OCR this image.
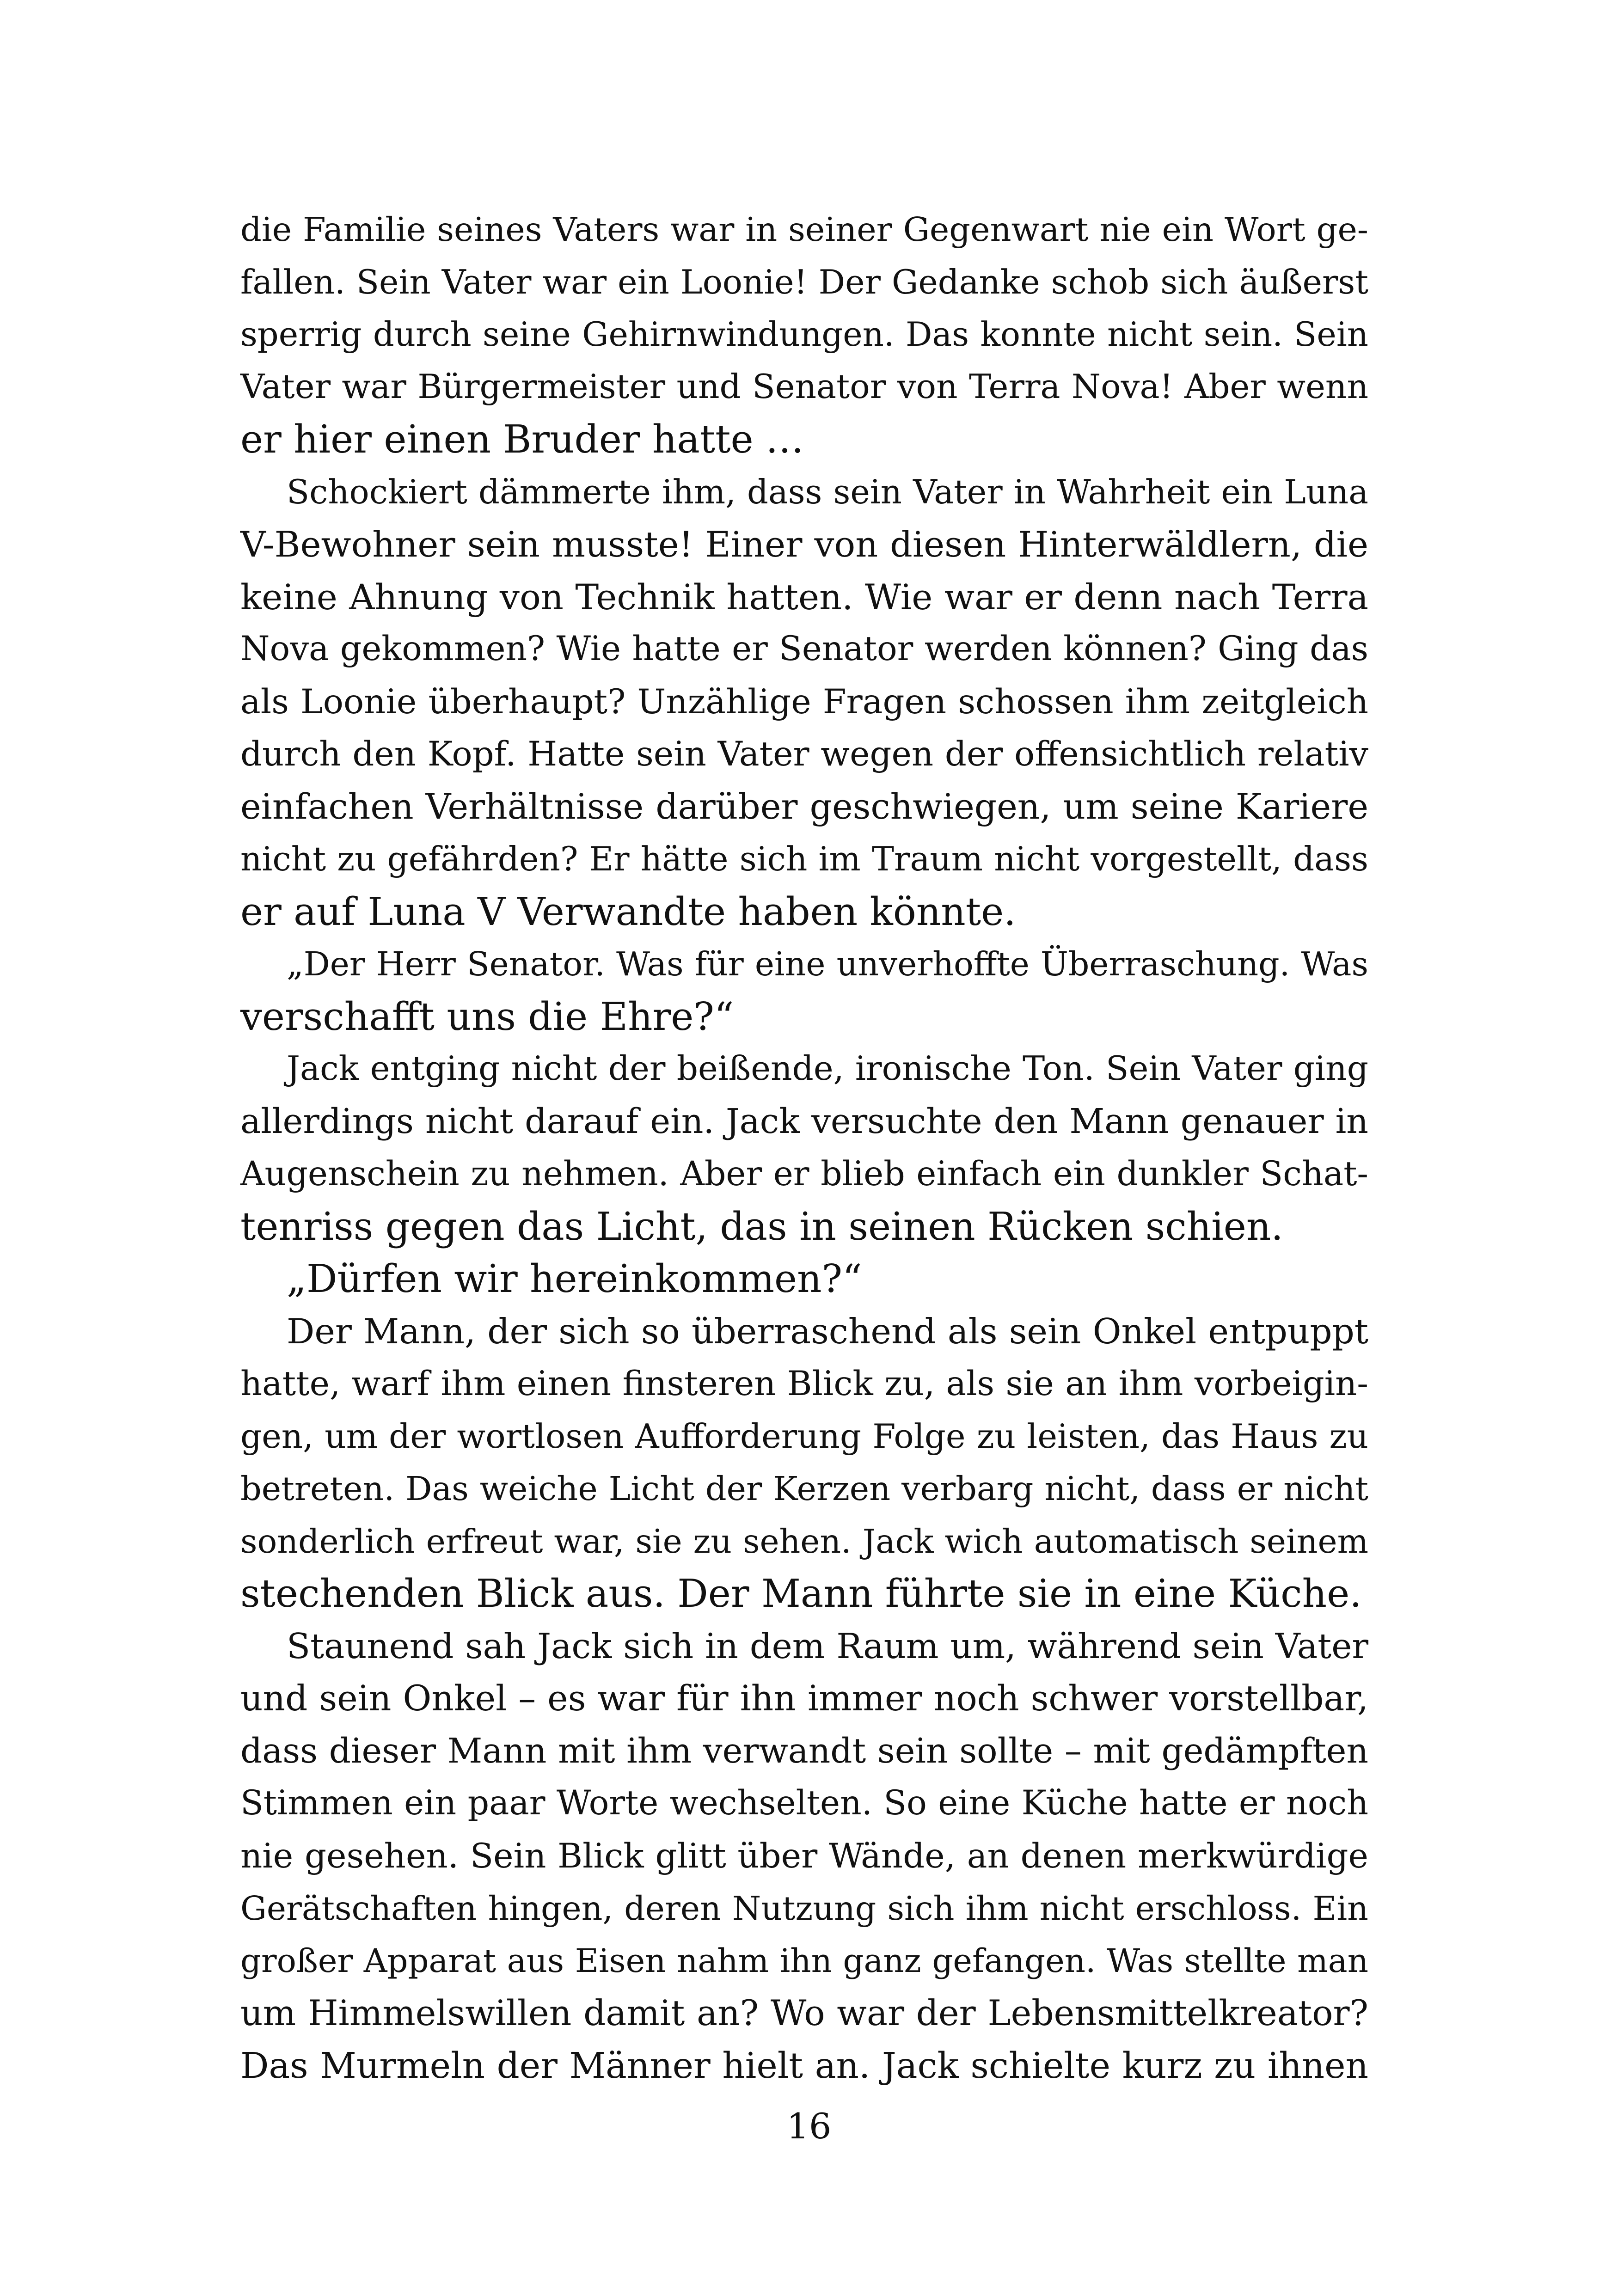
die Familie seines Vaters war in seiner Gegenwart nie ein Wort ge-
fallen. Sein Vater war ein Loonie! Der Gedanke schob sich äußerst
sperrig durch seine Gehirnwindungen. Das konnte nicht sein. Sein
Vater war Bürgermeister und Senator von Terra Nova! Aber wenn
er hier einen Bruder hatte …
Schockiert dämmerte ihm, dass sein Vater in Wahrheit ein Luna
V-Bewohner sein musste! Einer von diesen Hinterwäldlern, die
keine Ahnung von Technik hatten. Wie war er denn nach Terra
Nova gekommen? Wie hatte er Senator werden können? Ging das
als Loonie überhaupt? Unzählige Fragen schossen ihm zeitgleich
durch den Kopf. Hatte sein Vater wegen der offensichtlich relativ
einfachen Verhältnisse darüber geschwiegen, um seine Kariere
nicht zu gefährden? Er hätte sich im Traum nicht vorgestellt, dass
er auf Luna V Verwandte haben könnte.
„Der Herr Senator. Was für eine unverhoffte Überraschung. Was
verschafft uns die Ehre?“
Jack entging nicht der beißende, ironische Ton. Sein Vater ging
allerdings nicht darauf ein. Jack versuchte den Mann genauer in
Augenschein zu nehmen. Aber er blieb einfach ein dunkler Schat-
tenriss gegen das Licht, das in seinen Rücken schien.
„Dürfen wir hereinkommen?“
Der Mann, der sich so überraschend als sein Onkel entpuppt
hatte, warf ihm einen finsteren Blick zu, als sie an ihm vorbeigin-
gen, um der wortlosen Aufforderung Folge zu leisten, das Haus zu
betreten. Das weiche Licht der Kerzen verbarg nicht, dass er nicht
sonderlich erfreut war, sie zu sehen. Jack wich automatisch seinem
stechenden Blick aus. Der Mann führte sie in eine Küche.
Staunend sah Jack sich in dem Raum um, während sein Vater
und sein Onkel – es war für ihn immer noch schwer vorstellbar,
dass dieser Mann mit ihm verwandt sein sollte – mit gedämpften
Stimmen ein paar Worte wechselten. So eine Küche hatte er noch
nie gesehen. Sein Blick glitt über Wände, an denen merkwürdige
Gerätschaften hingen, deren Nutzung sich ihm nicht erschloss. Ein
großer Apparat aus Eisen nahm ihn ganz gefangen. Was stellte man
um Himmelswillen damit an? Wo war der Lebensmittelkreator?
Das Murmeln der Männer hielt an. Jack schielte kurz zu ihnen
16
